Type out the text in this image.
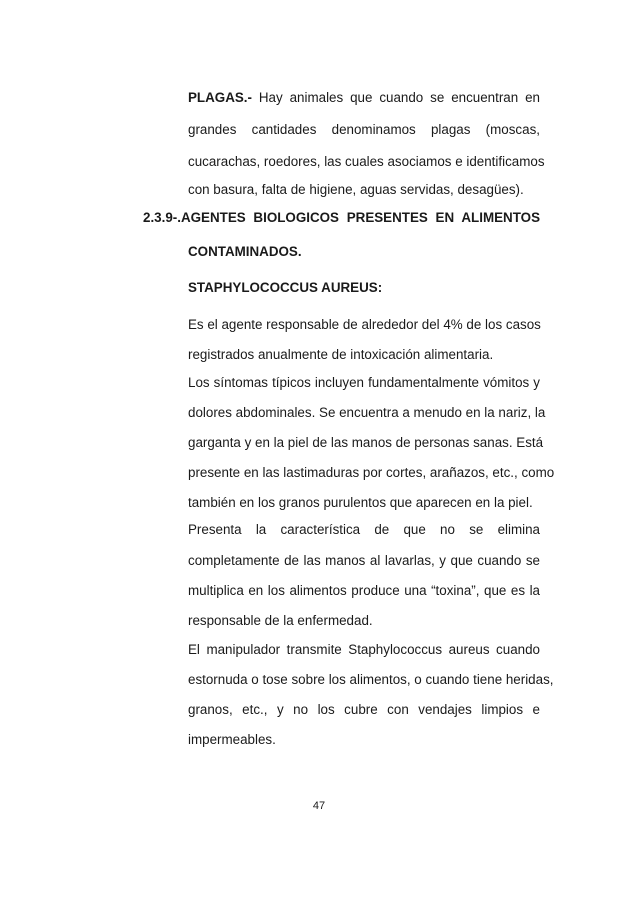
PLAGAS.- Hay animales que cuando se encuentran en
grandes cantidades denominamos plagas (moscas,
cucarachas, roedores, las cuales asociamos e identificamos
con basura, falta de higiene, aguas servidas, desagües).
2.3.9-.AGENTES BIOLOGICOS PRESENTES EN ALIMENTOS
CONTAMINADOS.
STAPHYLOCOCCUS AUREUS:
Es el agente responsable de alrededor del 4% de los casos
registrados anualmente de intoxicación alimentaria.
Los síntomas típicos incluyen fundamentalmente vómitos y
dolores abdominales. Se encuentra a menudo en la nariz, la
garganta y en la piel de las manos de personas sanas. Está
presente en las lastimaduras por cortes, arañazos, etc., como
también en los granos purulentos que aparecen en la piel.
Presenta la característica de que no se elimina
completamente de las manos al lavarlas, y que cuando se
multiplica en los alimentos produce una “toxina”, que es la
responsable de la enfermedad.
El manipulador transmite Staphylococcus aureus cuando
estornuda o tose sobre los alimentos, o cuando tiene heridas,
granos, etc., y no los cubre con vendajes limpios e
impermeables.
47
